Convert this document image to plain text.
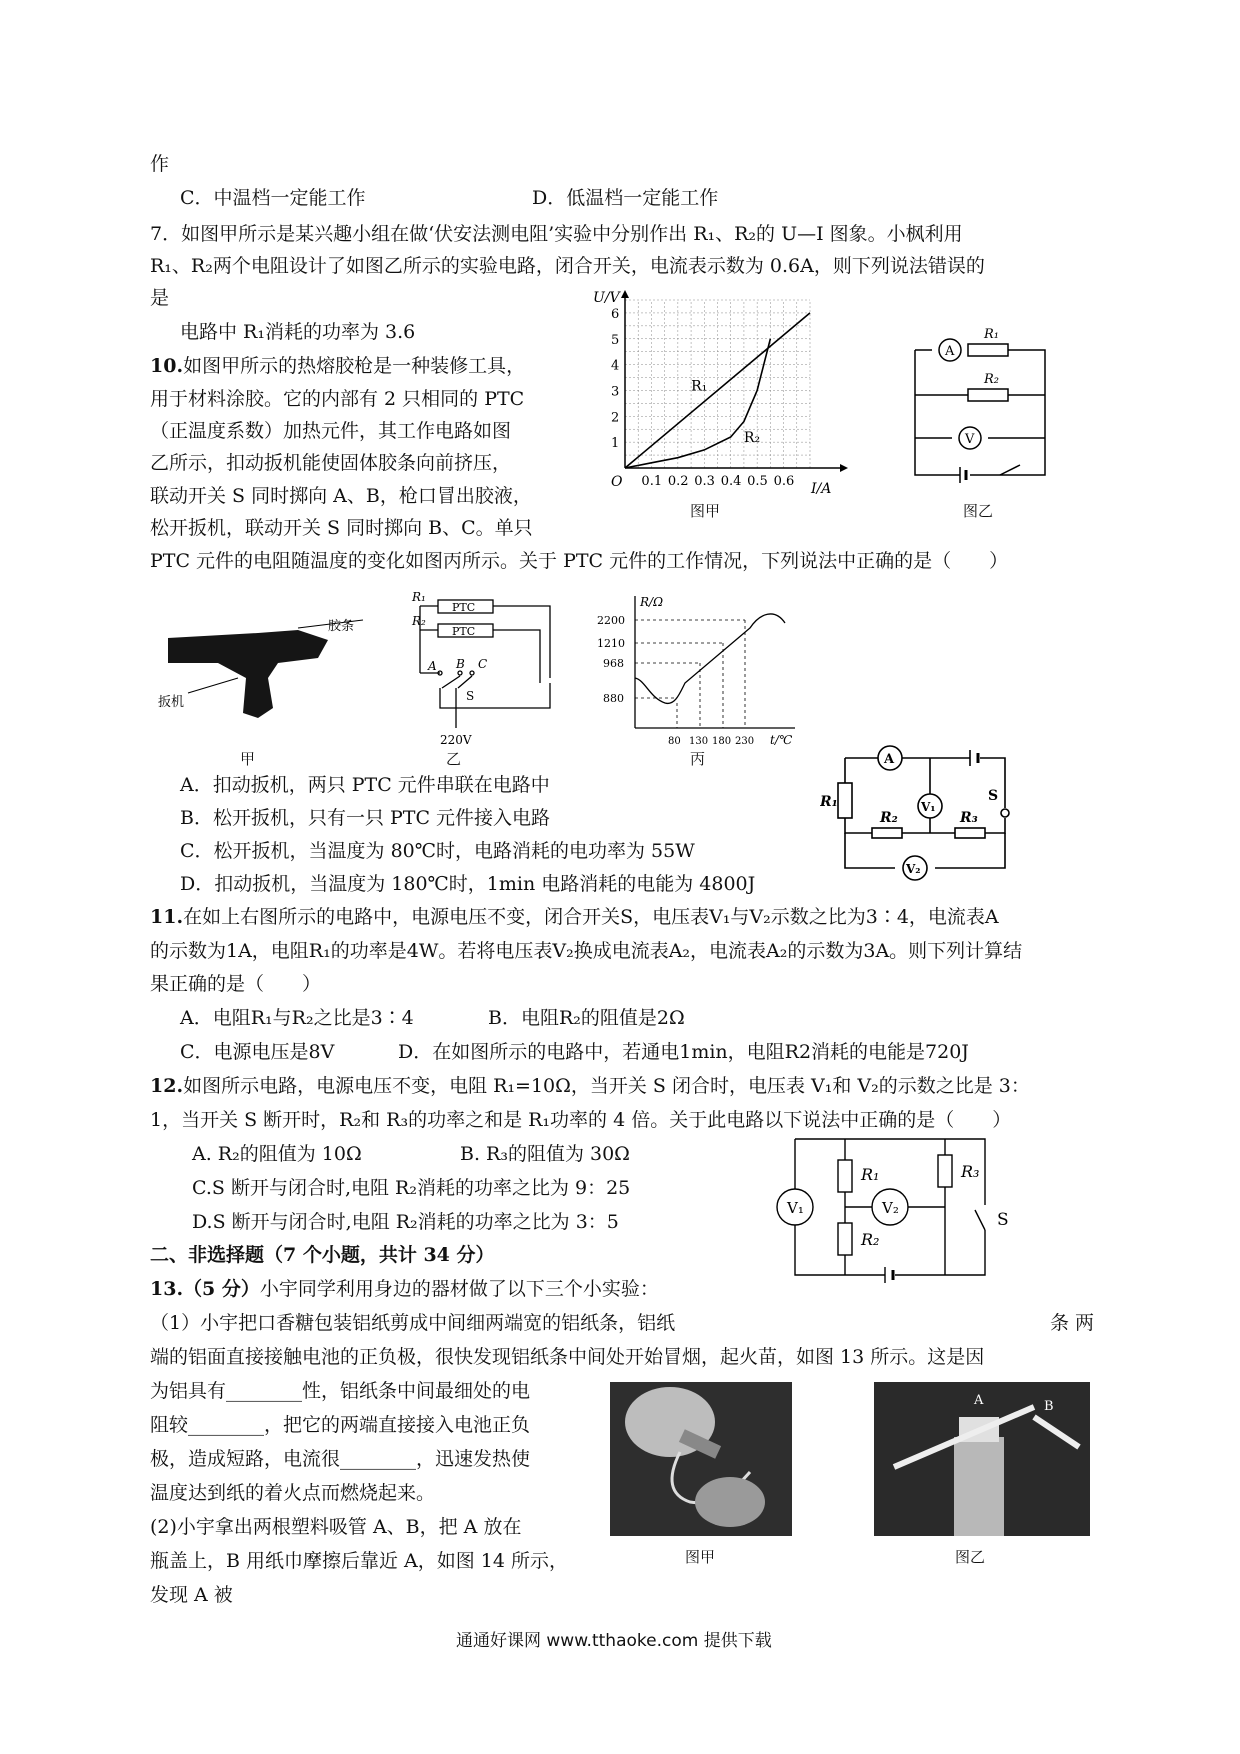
作
C．中温档一定能工作	D．低温档一定能工作
7．如图甲所示是某兴趣小组在做‘伏安法测电阻’实验中分别作出 R₁、R₂的 U—I 图象。小枫利用
R₁、R₂两个电阻设计了如图乙所示的实验电路，闭合开关，电流表示数为 0.6A，则下列说法错误的
是
电路中 R₁消耗的功率为 3.6
10.如图甲所示的热熔胶枪是一种装修工具，
用于材料涂胶。它的内部有 2 只相同的 PTC
（正温度系数）加热元件，其工作电路如图
乙所示，扣动扳机能使固体胶条向前挤压，
联动开关 S 同时掷向 A、B，枪口冒出胶液，
松开扳机，联动开关 S 同时掷向 B、C。单只
PTC 元件的电阻随温度的变化如图丙所示。关于 PTC 元件的工作情况，下列说法中正确的是（　　）
A．扣动扳机，两只 PTC 元件串联在电路中
B．松开扳机，只有一只 PTC 元件接入电路
C．松开扳机，当温度为 80℃时，电路消耗的电功率为 55W
D．扣动扳机，当温度为 180℃时，1min 电路消耗的电能为 4800J
11.在如上右图所示的电路中，电源电压不变，闭合开关S，电压表V₁与V₂示数之比为3∶4，电流表A
的示数为1A，电阻R₁的功率是4W。若将电压表V₂换成电流表A₂，电流表A₂的示数为3A。则下列计算结
果正确的是（　　）
A．电阻R₁与R₂之比是3∶4	B．电阻R₂的阻值是2Ω
C．电源电压是8V	D．在如图所示的电路中，若通电1min，电阻R2消耗的电能是720J
12.如图所示电路，电源电压不变，电阻 R₁=10Ω，当开关 S 闭合时，电压表 V₁和 V₂的示数之比是 3：
1，当开关 S 断开时，R₂和 R₃的功率之和是 R₁功率的 4 倍。关于此电路以下说法中正确的是（　　）
A. R₂的阻值为 10Ω	B. R₃的阻值为 30Ω
C.S 断开与闭合时,电阻 R₂消耗的功率之比为 9：25
D.S 断开与闭合时,电阻 R₂消耗的功率之比为 3：5
二、非选择题（7 个小题，共计 34 分）
13.（5 分）小宇同学利用身边的器材做了以下三个小实验：
（1）小宇把口香糖包装铝纸剪成中间细两端宽的铝纸条，铝纸	条 两
端的铝面直接接触电池的正负极，很快发现铝纸条中间处开始冒烟，起火苗，如图 13 所示。这是因
为铝具有________性，铝纸条中间最细处的电
阻较________，把它的两端直接接入电池正负
极，造成短路，电流很________，迅速发热使
温度达到纸的着火点而燃烧起来。
(2)小宇拿出两根塑料吸管 A、B，把 A 放在
瓶盖上，B 用纸巾摩擦后靠近 A，如图 14 所示，
发现 A 被
R₁
R₂
0.1 0.2 0.3 0.4 0.5 0.6
1
2
3
4
5
6
U/V
I/A
O
图甲
A
R₁
R₂
V
图乙
胶条
扳机
甲
R₁
R₂
PTC
PTC
A B C
S
220V
乙
R/Ω
t/℃
2200
1210
968
880
80 130 180 230
丙	A
V₁
S
R₁
R₂	R₃
V₂
V₁
R₁
V₂
R₂
R₃
S
A	B
图甲	图乙
通通好课网 www.tthaoke.com 提供下载
